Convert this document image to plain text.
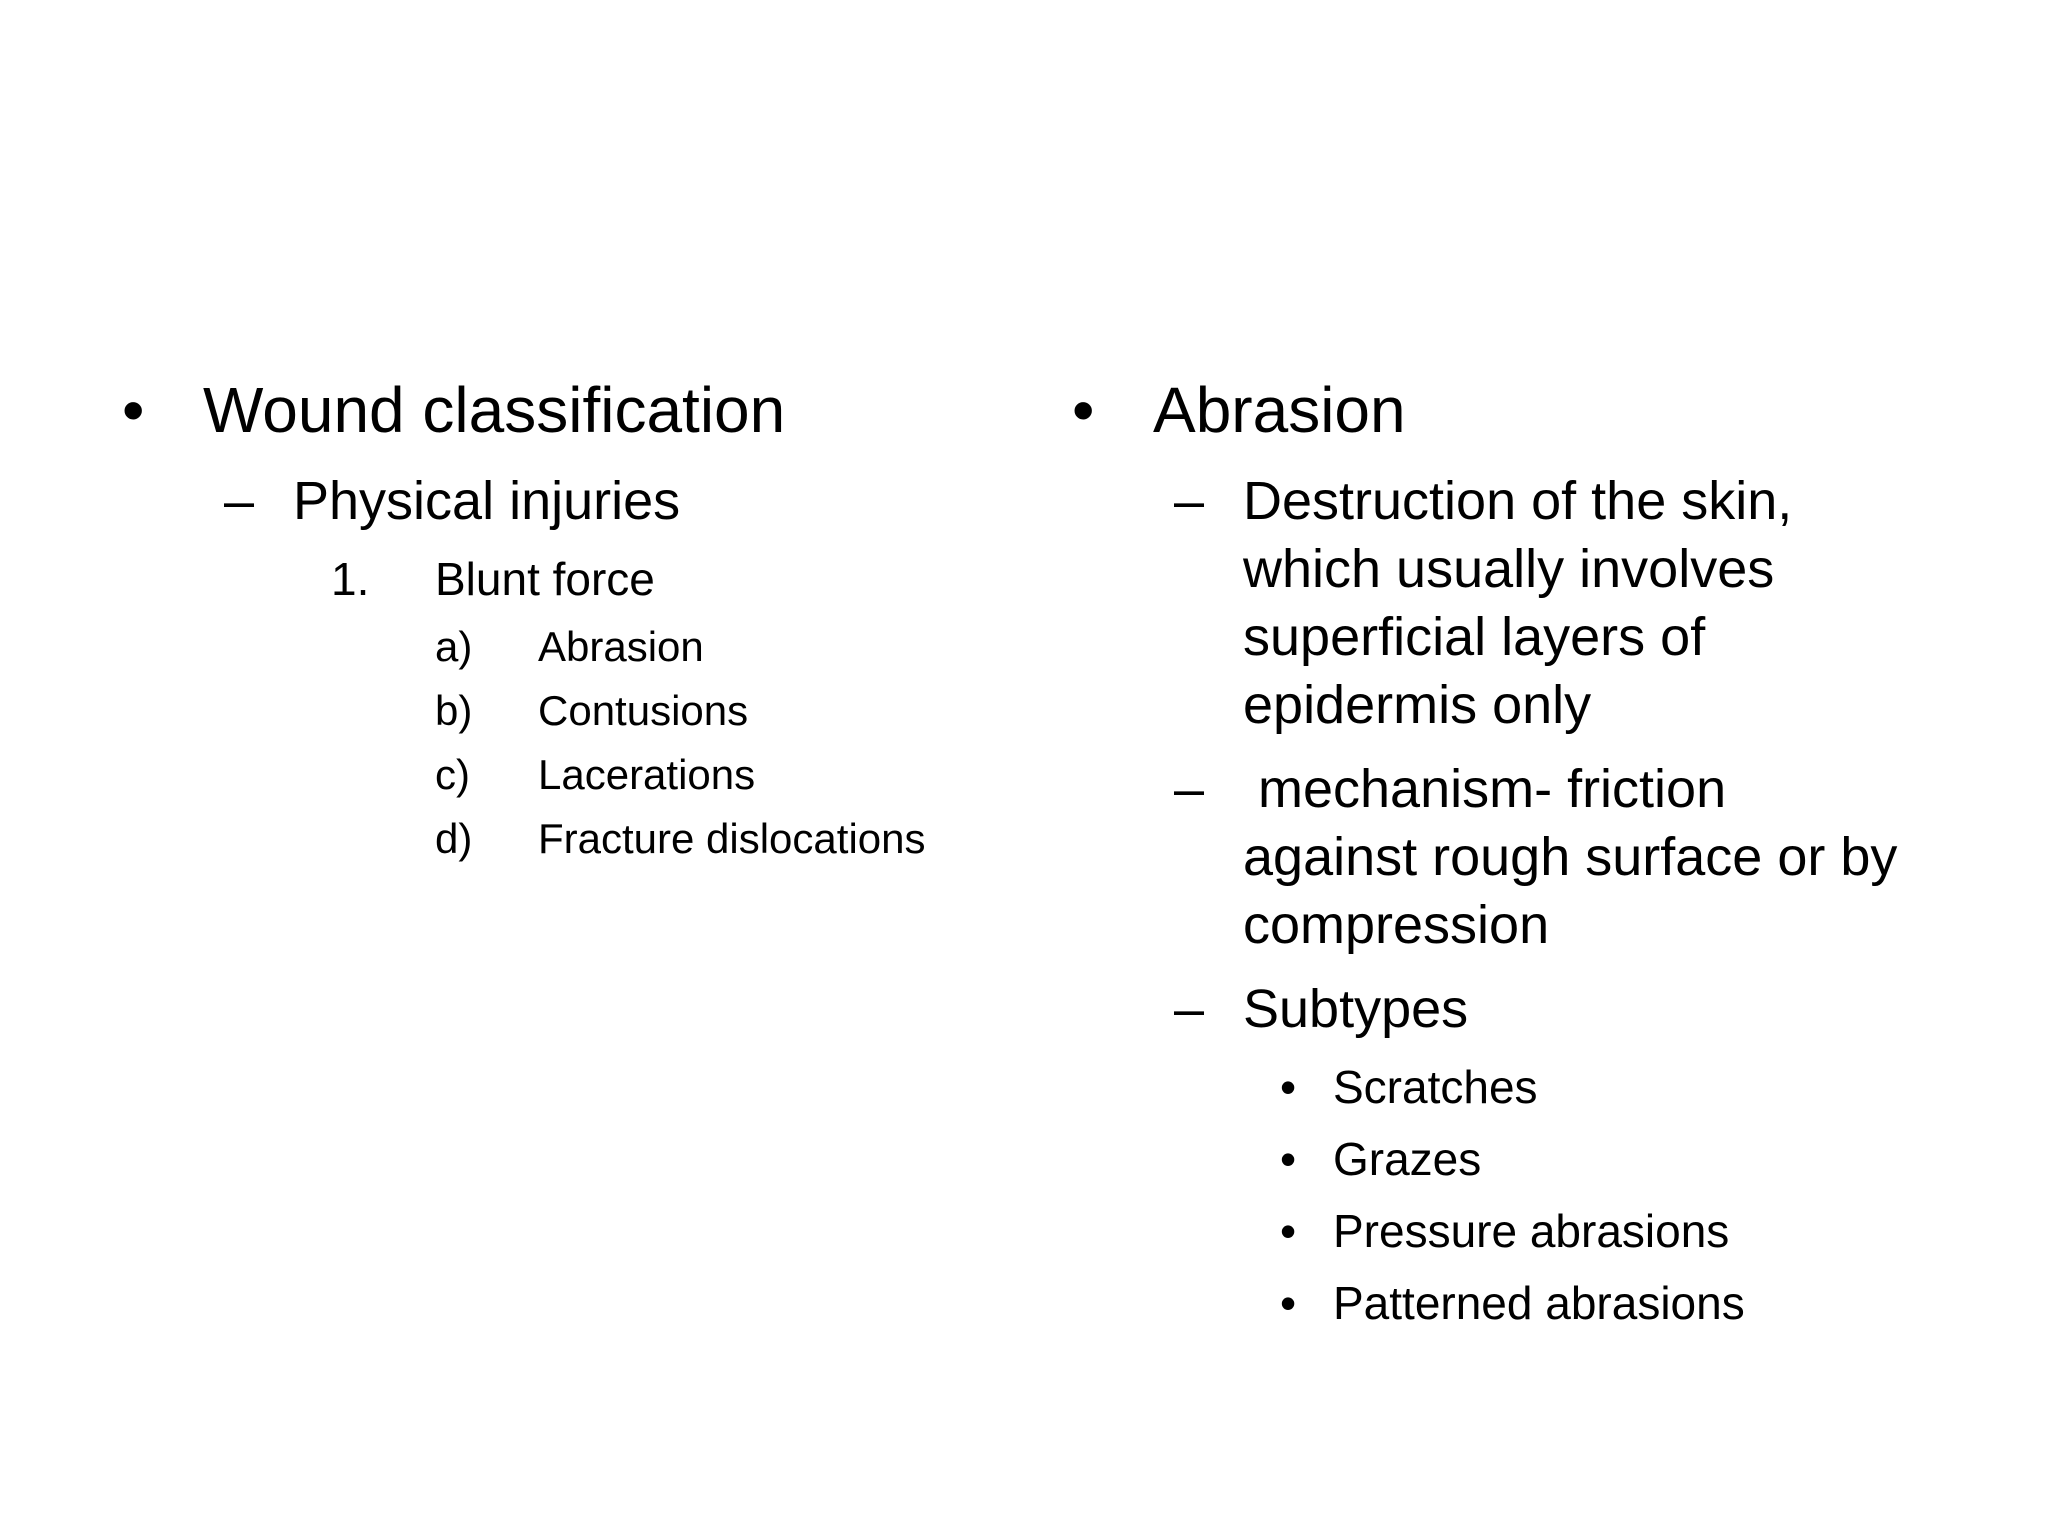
• Wound classification
– Physical injuries
1. Blunt force
a) Abrasion
b) Contusions
c) Lacerations
d) Fracture dislocations
• Abrasion
– Destruction of the skin,
which usually involves
superficial layers of
epidermis only
– mechanism- friction
against rough surface or by
compression
– Subtypes
• Scratches
• Grazes
• Pressure abrasions
• Patterned abrasions
